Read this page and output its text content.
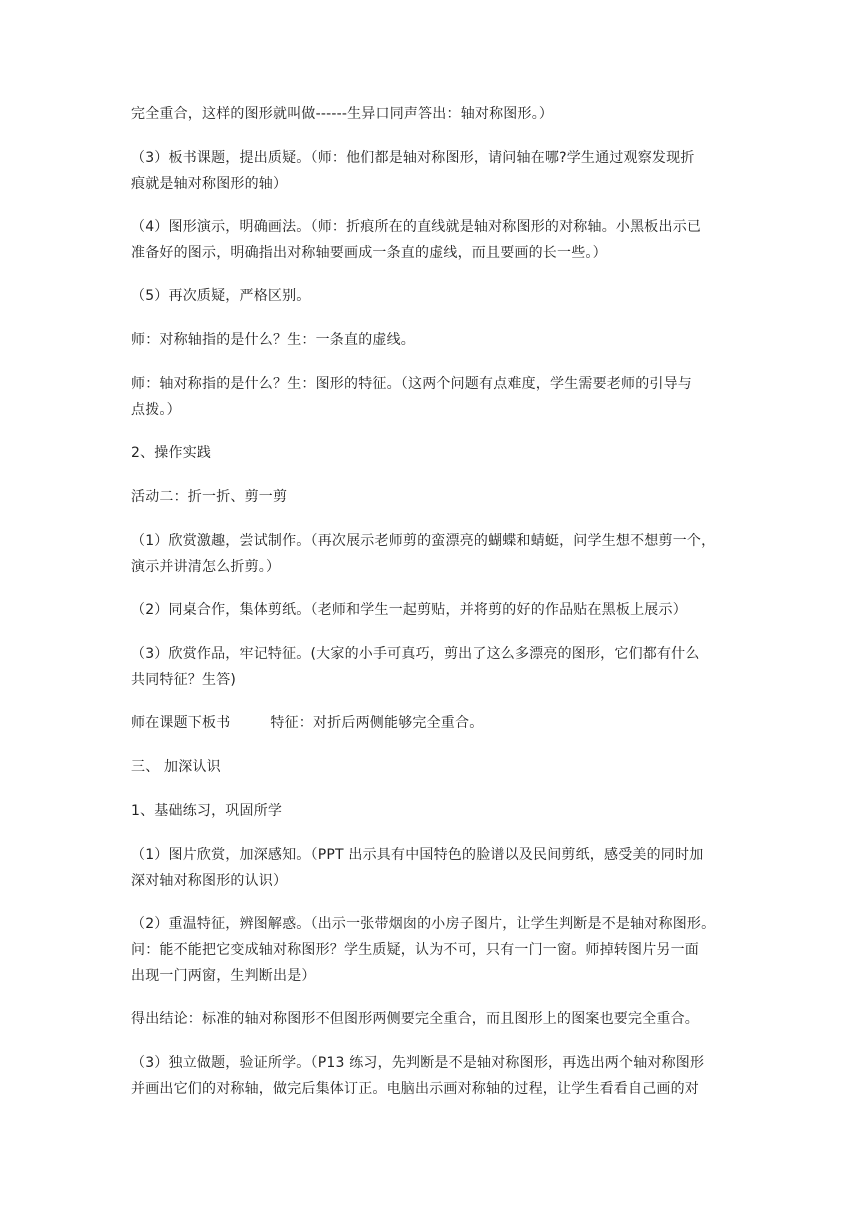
完全重合，这样的图形就叫做------生异口同声答出：轴对称图形。）
（3）板书课题，提出质疑。（师：他们都是轴对称图形，请问轴在哪?学生通过观察发现折
痕就是轴对称图形的轴）
（4）图形演示，明确画法。（师：折痕所在的直线就是轴对称图形的对称轴。小黑板出示已
准备好的图示，明确指出对称轴要画成一条直的虚线，而且要画的长一些。）
（5）再次质疑，严格区别。
师：对称轴指的是什么？生：一条直的虚线。
师：轴对称指的是什么？生：图形的特征。（这两个问题有点难度，学生需要老师的引导与
点拨。）
2、操作实践
活动二：折一折、剪一剪
（1）欣赏激趣，尝试制作。（再次展示老师剪的蛮漂亮的蝴蝶和蜻蜓，问学生想不想剪一个，
演示并讲清怎么折剪。）
（2）同桌合作，集体剪纸。（老师和学生一起剪贴，并将剪的好的作品贴在黑板上展示）
（3）欣赏作品，牢记特征。(大家的小手可真巧，剪出了这么多漂亮的图形，它们都有什么
共同特征？生答)
师在课题下板书	特征：对折后两侧能够完全重合。
三、 加深认识
1、基础练习，巩固所学
（1）图片欣赏，加深感知。（PPT 出示具有中国特色的脸谱以及民间剪纸，感受美的同时加
深对轴对称图形的认识）
（2）重温特征，辨图解惑。（出示一张带烟囱的小房子图片，让学生判断是不是轴对称图形。
问：能不能把它变成轴对称图形？学生质疑，认为不可，只有一门一窗。师掉转图片另一面
出现一门两窗，生判断出是）
得出结论：标准的轴对称图形不但图形两侧要完全重合，而且图形上的图案也要完全重合。
（3）独立做题，验证所学。（P13 练习，先判断是不是轴对称图形，再选出两个轴对称图形
并画出它们的对称轴，做完后集体订正。电脑出示画对称轴的过程，让学生看看自己画的对
